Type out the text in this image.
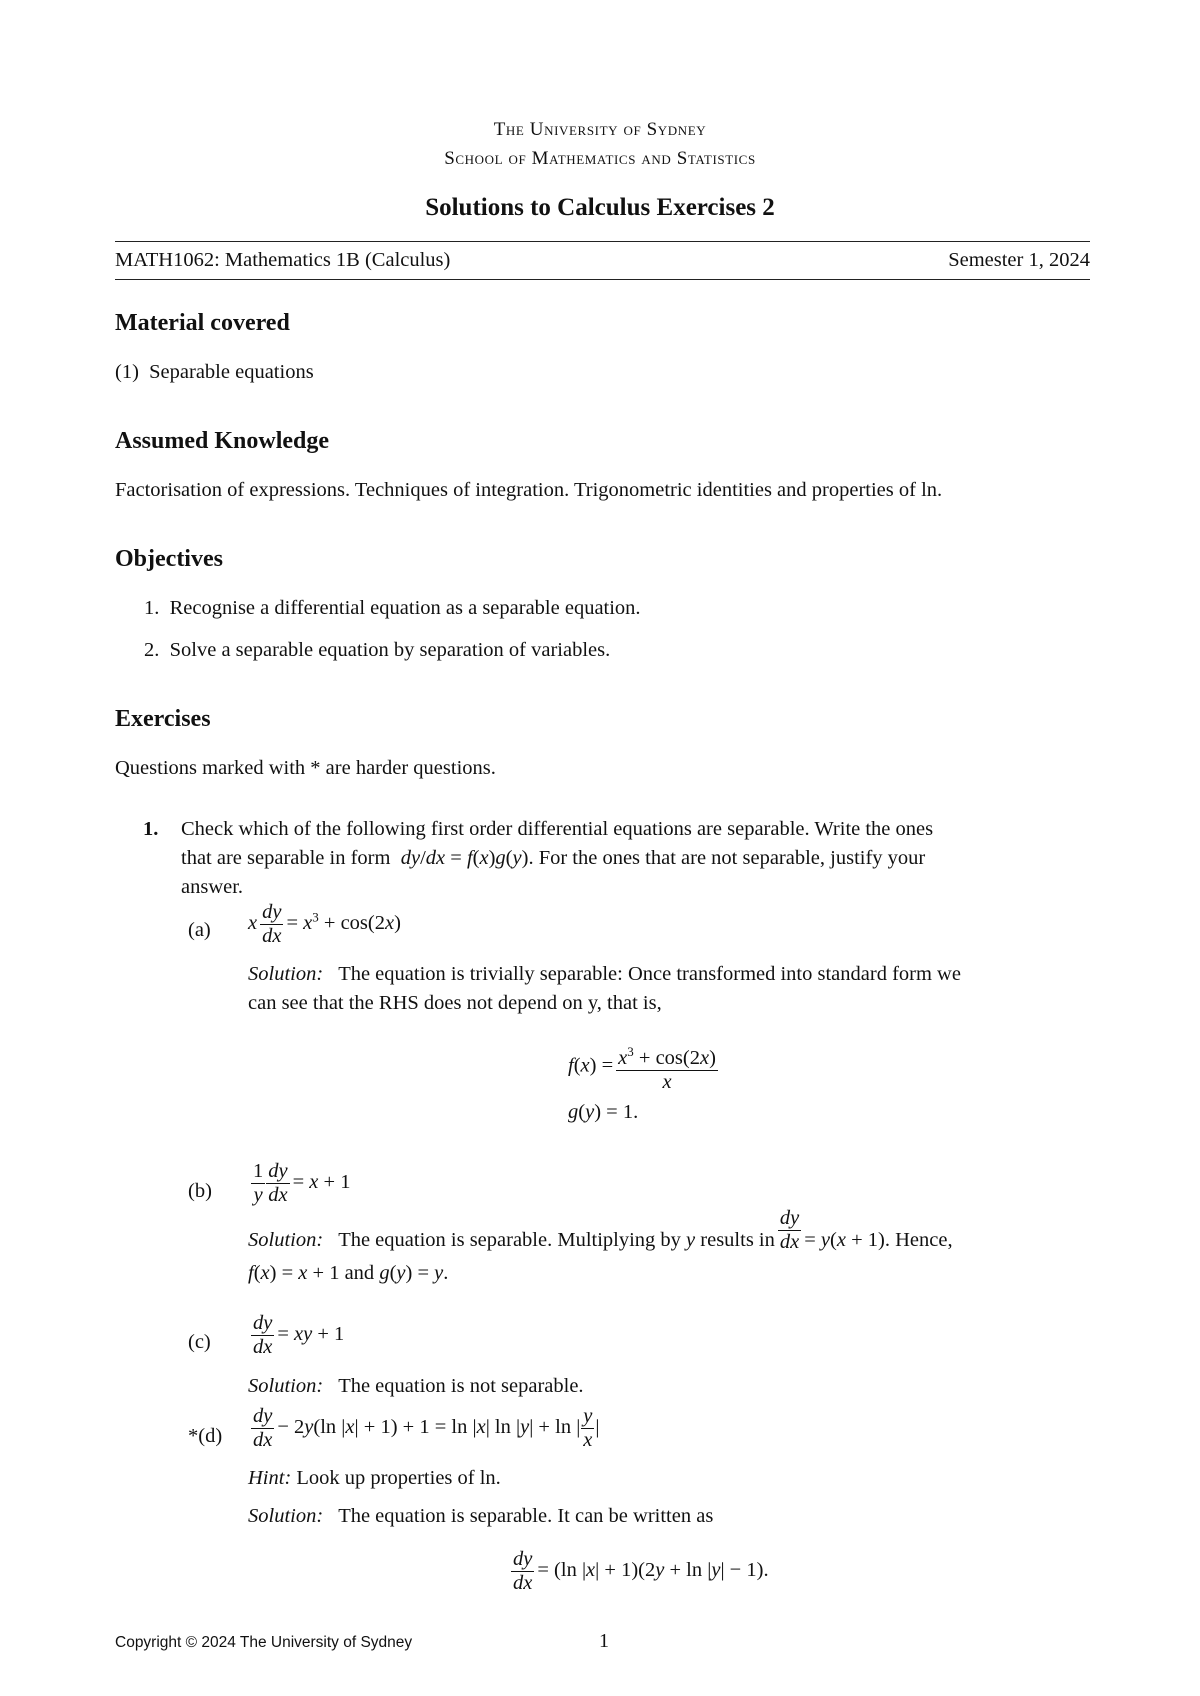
The University of Sydney
School of Mathematics and Statistics
Solutions to Calculus Exercises 2
MATH1062: Mathematics 1B (Calculus)	Semester 1, 2024
Material covered
(1) Separable equations
Assumed Knowledge
Factorisation of expressions. Techniques of integration. Trigonometric identities and properties of ln.
Objectives
1. Recognise a differential equation as a separable equation.
2. Solve a separable equation by separation of variables.
Exercises
Questions marked with * are harder questions.
1. Check which of the following first order differential equations are separable. Write the ones
that are separable in form dy/dx = f(x)g(y). For the ones that are not separable, justify your
answer.
(a) x $\frac{dy}{dx} = x^3 + \cos(2x)$
Solution: The equation is trivially separable: Once transformed into standard form we
can see that the RHS does not depend on y, that is,
$f(x) = \frac{x^3 + \cos(2x)}{x}$
g(y) = 1.
$(b) \frac{1}{y} \frac{dy}{dx} = x + 1$
Solution: The equation is separable. Multiplying by y results in $\frac{dy}{dx} = y(x + 1)$. Hence,
f(x) = x + 1 and g(y) = y.
$(c) \frac{dy}{dx}$ = xy + 1
Solution: The equation is not separable.
$*(d) \frac{dy}{dx} - 2y(\ln$ |x| + 1) + 1 = ln |x| ln |y| + ln | $\frac{y}{x}$ |
Hint: Look up properties of ln.
Solution: The equation is separable. It can be written as
$\frac{dy}{dx} = (\ln$ |x| + 1)(2y + ln |y| − 1).
Copyright © 2024 The University of Sydney	1
